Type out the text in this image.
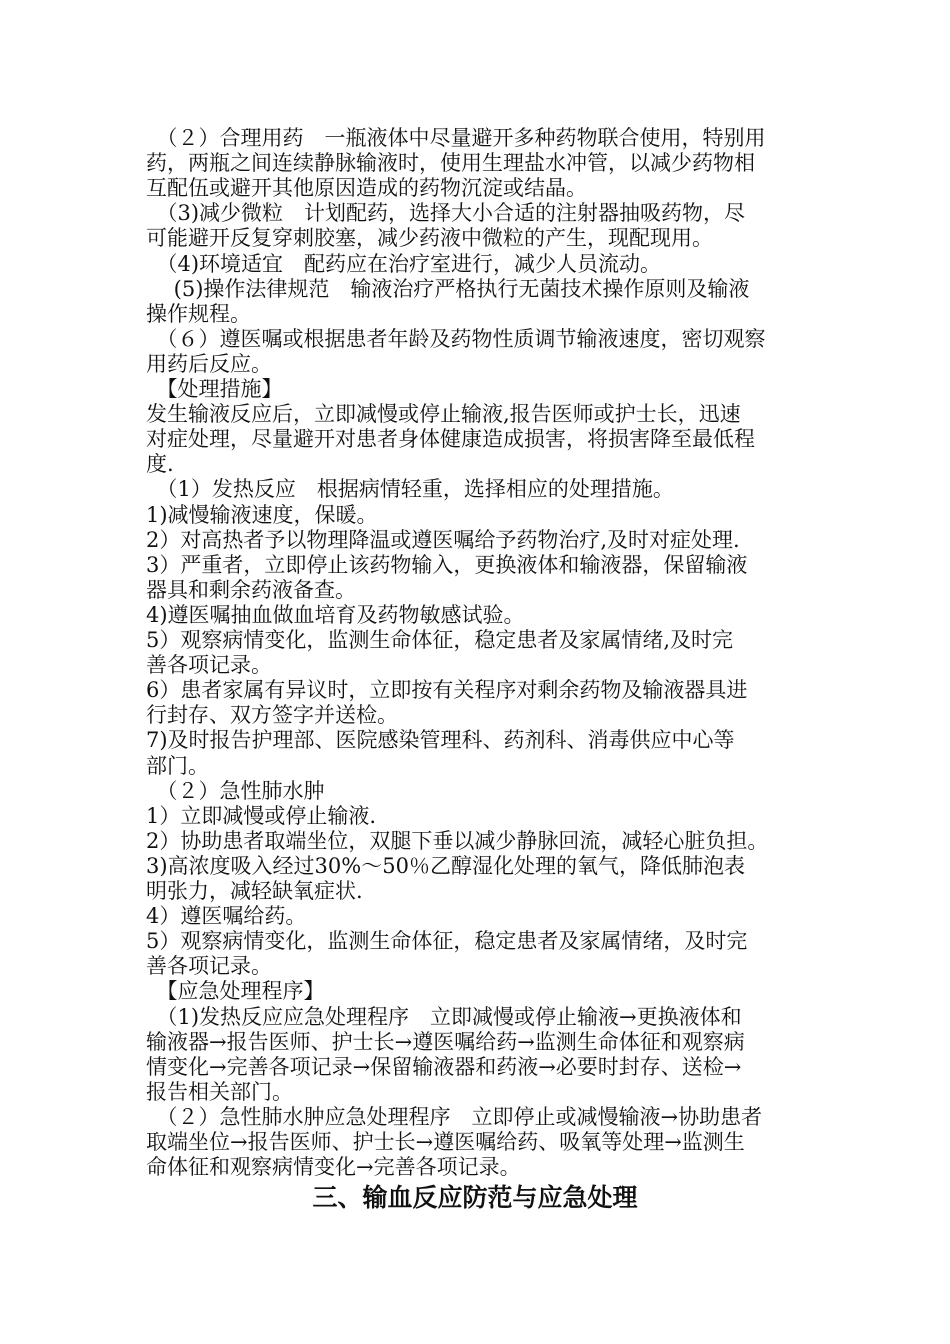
　（２）合理用药　一瓶液体中尽量避开多种药物联合使用，特别用
药，两瓶之间连续静脉输液时，使用生理盐水冲管，以减少药物相
互配伍或避开其他原因造成的药物沉淀或结晶。
　（3)减少微粒　计划配药，选择大小合适的注射器抽吸药物，尽
可能避开反复穿刺胶塞，减少药液中微粒的产生，现配现用。
　（4)环境适宜　配药应在治疗室进行，减少人员流动。
　 (5)操作法律规范　输液治疗严格执行无菌技术操作原则及输液
操作规程。
　（６）遵医嘱或根据患者年龄及药物性质调节输液速度，密切观察
用药后反应。
　【处理措施】
发生输液反应后，立即减慢或停止输液,报告医师或护士长，迅速
对症处理，尽量避开对患者身体健康造成损害，将损害降至最低程
度.
　（1）发热反应　根据病情轻重，选择相应的处理措施。
1)减慢输液速度，保暖。
2）对高热者予以物理降温或遵医嘱给予药物治疗,及时对症处理.
3）严重者，立即停止该药物输入，更换液体和输液器，保留输液
器具和剩余药液备查。
4)遵医嘱抽血做血培育及药物敏感试验。
5）观察病情变化，监测生命体征，稳定患者及家属情绪,及时完
善各项记录。
6）患者家属有异议时，立即按有关程序对剩余药物及输液器具进
行封存、双方签字并送检。
7)及时报告护理部、医院感染管理科、药剂科、消毒供应中心等
部门。
　（２）急性肺水肿
1）立即减慢或停止输液.
2）协助患者取端坐位，双腿下垂以减少静脉回流，减轻心脏负担。
3)高浓度吸入经过30%～50％乙醇湿化处理的氧气，降低肺泡表
明张力，减轻缺氧症状.
4）遵医嘱给药。
5）观察病情变化，监测生命体征，稳定患者及家属情绪，及时完
善各项记录。
　【应急处理程序】
　（1)发热反应应急处理程序　立即减慢或停止输液→更换液体和
输液器→报告医师、护士长→遵医嘱给药→监测生命体征和观察病
情变化→完善各项记录→保留输液器和药液→必要时封存、送检→
报告相关部门。
　（２）急性肺水肿应急处理程序　立即停止或减慢输液→协助患者
取端坐位→报告医师、护士长→遵医嘱给药、吸氧等处理→监测生
命体征和观察病情变化→完善各项记录。
三、输血反应防范与应急处理
